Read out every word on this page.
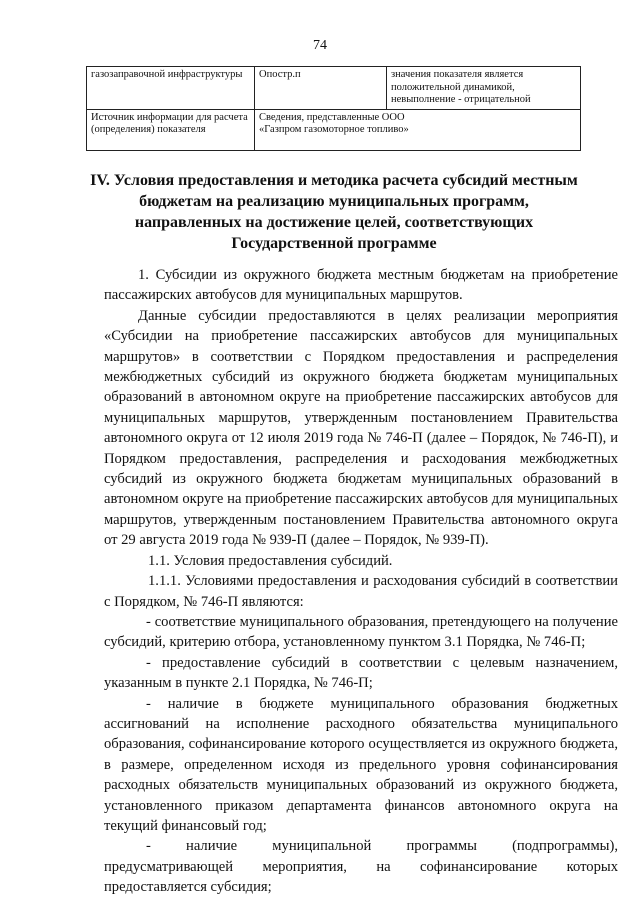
74
газозаправочной инфраструктуры	Опостр.п	значения показателя является положительной динамикой, невыполнение - отрицательной
Источник информации для расчета (определения) показателя	Сведения, представленные ООО «Газпром газомоторное топливо»	
IV. Условия предоставления и методика расчета субсидий местным бюджетам на реализацию муниципальных программ, направленных на достижение целей, соответствующих Государственной программе

1. Субсидии из окружного бюджета местным бюджетам на приобретение пассажирских автобусов для муниципальных маршрутов.

Данные субсидии предоставляются в целях реализации мероприятия «Субсидии на приобретение пассажирских автобусов для муниципальных маршрутов» в соответствии с Порядком предоставления и распределения межбюджетных субсидий из окружного бюджета бюджетам муниципальных образований в автономном округе на приобретение пассажирских автобусов для муниципальных маршрутов, утвержденным постановлением Правительства автономного округа от 12 июля 2019 года № 746-П (далее – Порядок, № 746-П), и Порядком предоставления, распределения и расходования межбюджетных субсидий из окружного бюджета бюджетам муниципальных образований в автономном округе на приобретение пассажирских автобусов для муниципальных маршрутов, утвержденным постановлением Правительства автономного округа от 29 августа 2019 года № 939-П (далее – Порядок, № 939-П).

1.1. Условия предоставления субсидий.

1.1.1. Условиями предоставления и расходования субсидий в соответствии с Порядком, № 746-П являются:

- соответствие муниципального образования, претендующего на получение субсидий, критерию отбора, установленному пунктом 3.1 Порядка, № 746-П;

- предоставление субсидий в соответствии с целевым назначением, указанным в пункте 2.1 Порядка, № 746-П;

- наличие в бюджете муниципального образования бюджетных ассигнований на исполнение расходного обязательства муниципального образования, софинансирование которого осуществляется из окружного бюджета, в размере, определенном исходя из предельного уровня софинансирования расходных обязательств муниципальных образований из окружного бюджета, установленного приказом департамента финансов автономного округа на текущий финансовый год;

- наличие муниципальной программы (подпрограммы), предусматривающей мероприятия, на софинансирование которых предоставляется субсидия;
